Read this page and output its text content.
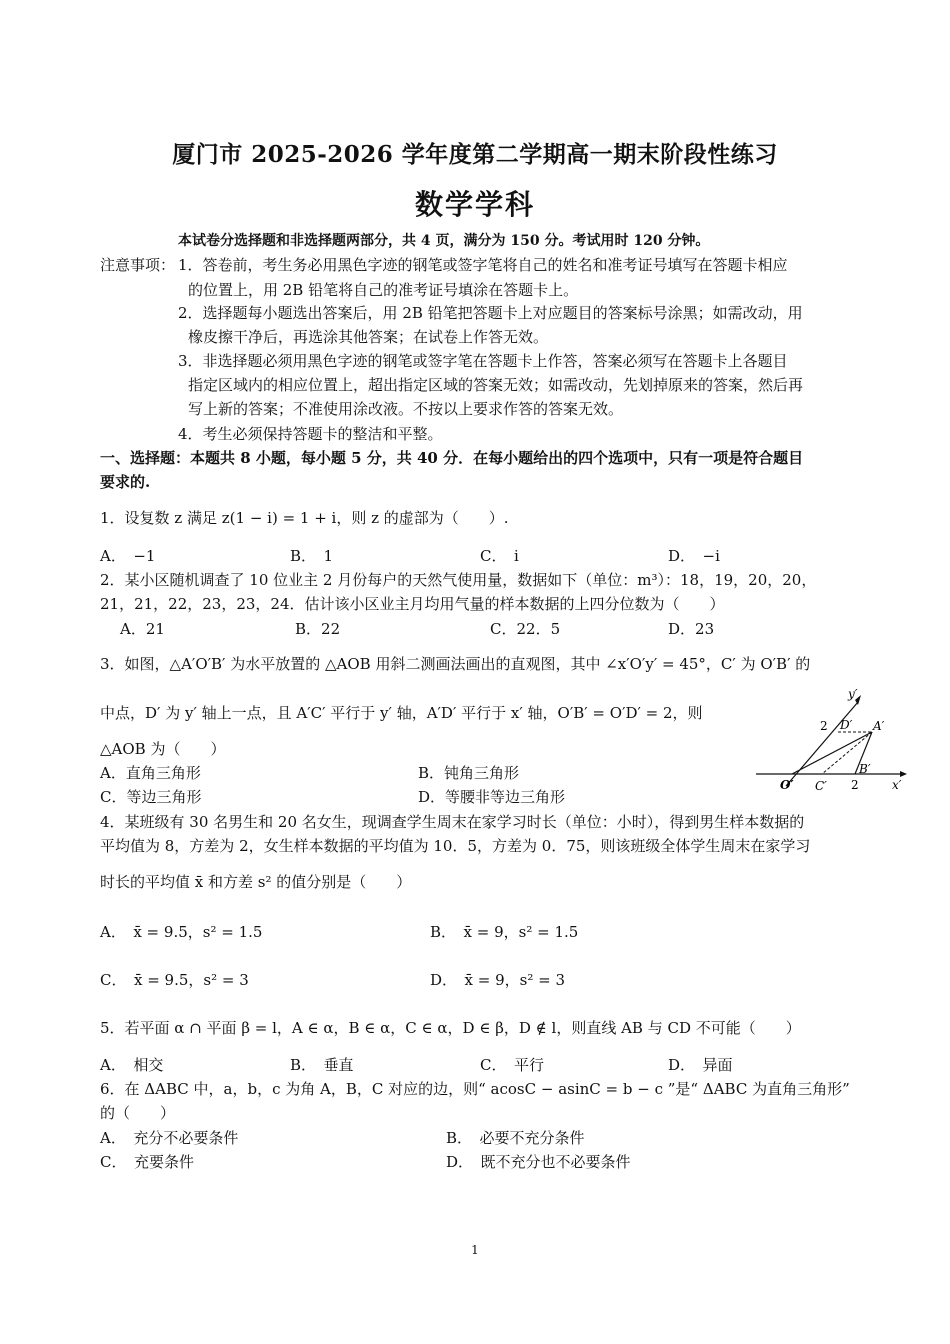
厦门市 2025-2026 学年度第二学期高一期末阶段性练习
数学学科
本试卷分选择题和非选择题两部分，共 4 页，满分为 150 分。考试用时 120 分钟。
注意事项： 1．答卷前，考生务必用黑色字迹的钢笔或签字笔将自己的姓名和准考证号填写在答题卡相应
的位置上，用 2B 铅笔将自己的准考证号填涂在答题卡上。
2．选择题每小题选出答案后，用 2B 铅笔把答题卡上对应题目的答案标号涂黑；如需改动，用
橡皮擦干净后，再选涂其他答案；在试卷上作答无效。
3．非选择题必须用黑色字迹的钢笔或签字笔在答题卡上作答，答案必须写在答题卡上各题目
指定区域内的相应位置上，超出指定区域的答案无效；如需改动，先划掉原来的答案，然后再
写上新的答案；不准使用涂改液。不按以上要求作答的答案无效。
4．考生必须保持答题卡的整洁和平整。
一、选择题：本题共 8 小题，每小题 5 分，共 40 分．在每小题给出的四个选项中，只有一项是符合题目
要求的.
1．设复数 z 满足 z(1 − i) = 1 + i，则 z 的虚部为（　　）.
A．　−1	B．　1	C．　i	D．　−i
2．某小区随机调查了 10 位业主 2 月份每户的天然气使用量，数据如下（单位：m³）：18，19，20，20，
21，21，22，23，23，24．估计该小区业主月均用气量的样本数据的上四分位数为（　　）
A．21	B．22	C．22．5	D．23
3．如图，△A′O′B′ 为水平放置的 △AOB 用斜二测画法画出的直观图，其中 ∠x′O′y′ = 45°，C′ 为 O′B′ 的
中点，D′ 为 y′ 轴上一点，且 A′C′ 平行于 y′ 轴，A′D′ 平行于 x′ 轴，O′B′ = O′D′ = 2，则
△AOB 为（　　）
A．直角三角形	B．钝角三角形
C．等边三角形	D．等腰非等边三角形
y′
x′
O′ C′
D′ A′
B′
2
2
4．某班级有 30 名男生和 20 名女生，现调查学生周末在家学习时长（单位：小时），得到男生样本数据的
平均值为 8，方差为 2，女生样本数据的平均值为 10．5，方差为 0．75，则该班级全体学生周末在家学习
时长的平均值 x̄ 和方差 s² 的值分别是（　　）
A．　x̄ = 9.5，s² = 1.5	B．　x̄ = 9，s² = 1.5
C．　x̄ = 9.5，s² = 3	D．　x̄ = 9，s² = 3
5．若平面 α ∩ 平面 β = l，A ∈ α，B ∈ α，C ∈ α，D ∈ β，D ∉ l，则直线 AB 与 CD 不可能（　　）
A．　相交	B．　垂直	C．　平行	D．　异面
6．在 ΔABC 中，a，b，c 为角 A，B，C 对应的边，则“ acosC − asinC = b − c ”是“ ΔABC 为直角三角形”
的（　　）
A．　充分不必要条件	B．　必要不充分条件
C．　充要条件	D．　既不充分也不必要条件
1
